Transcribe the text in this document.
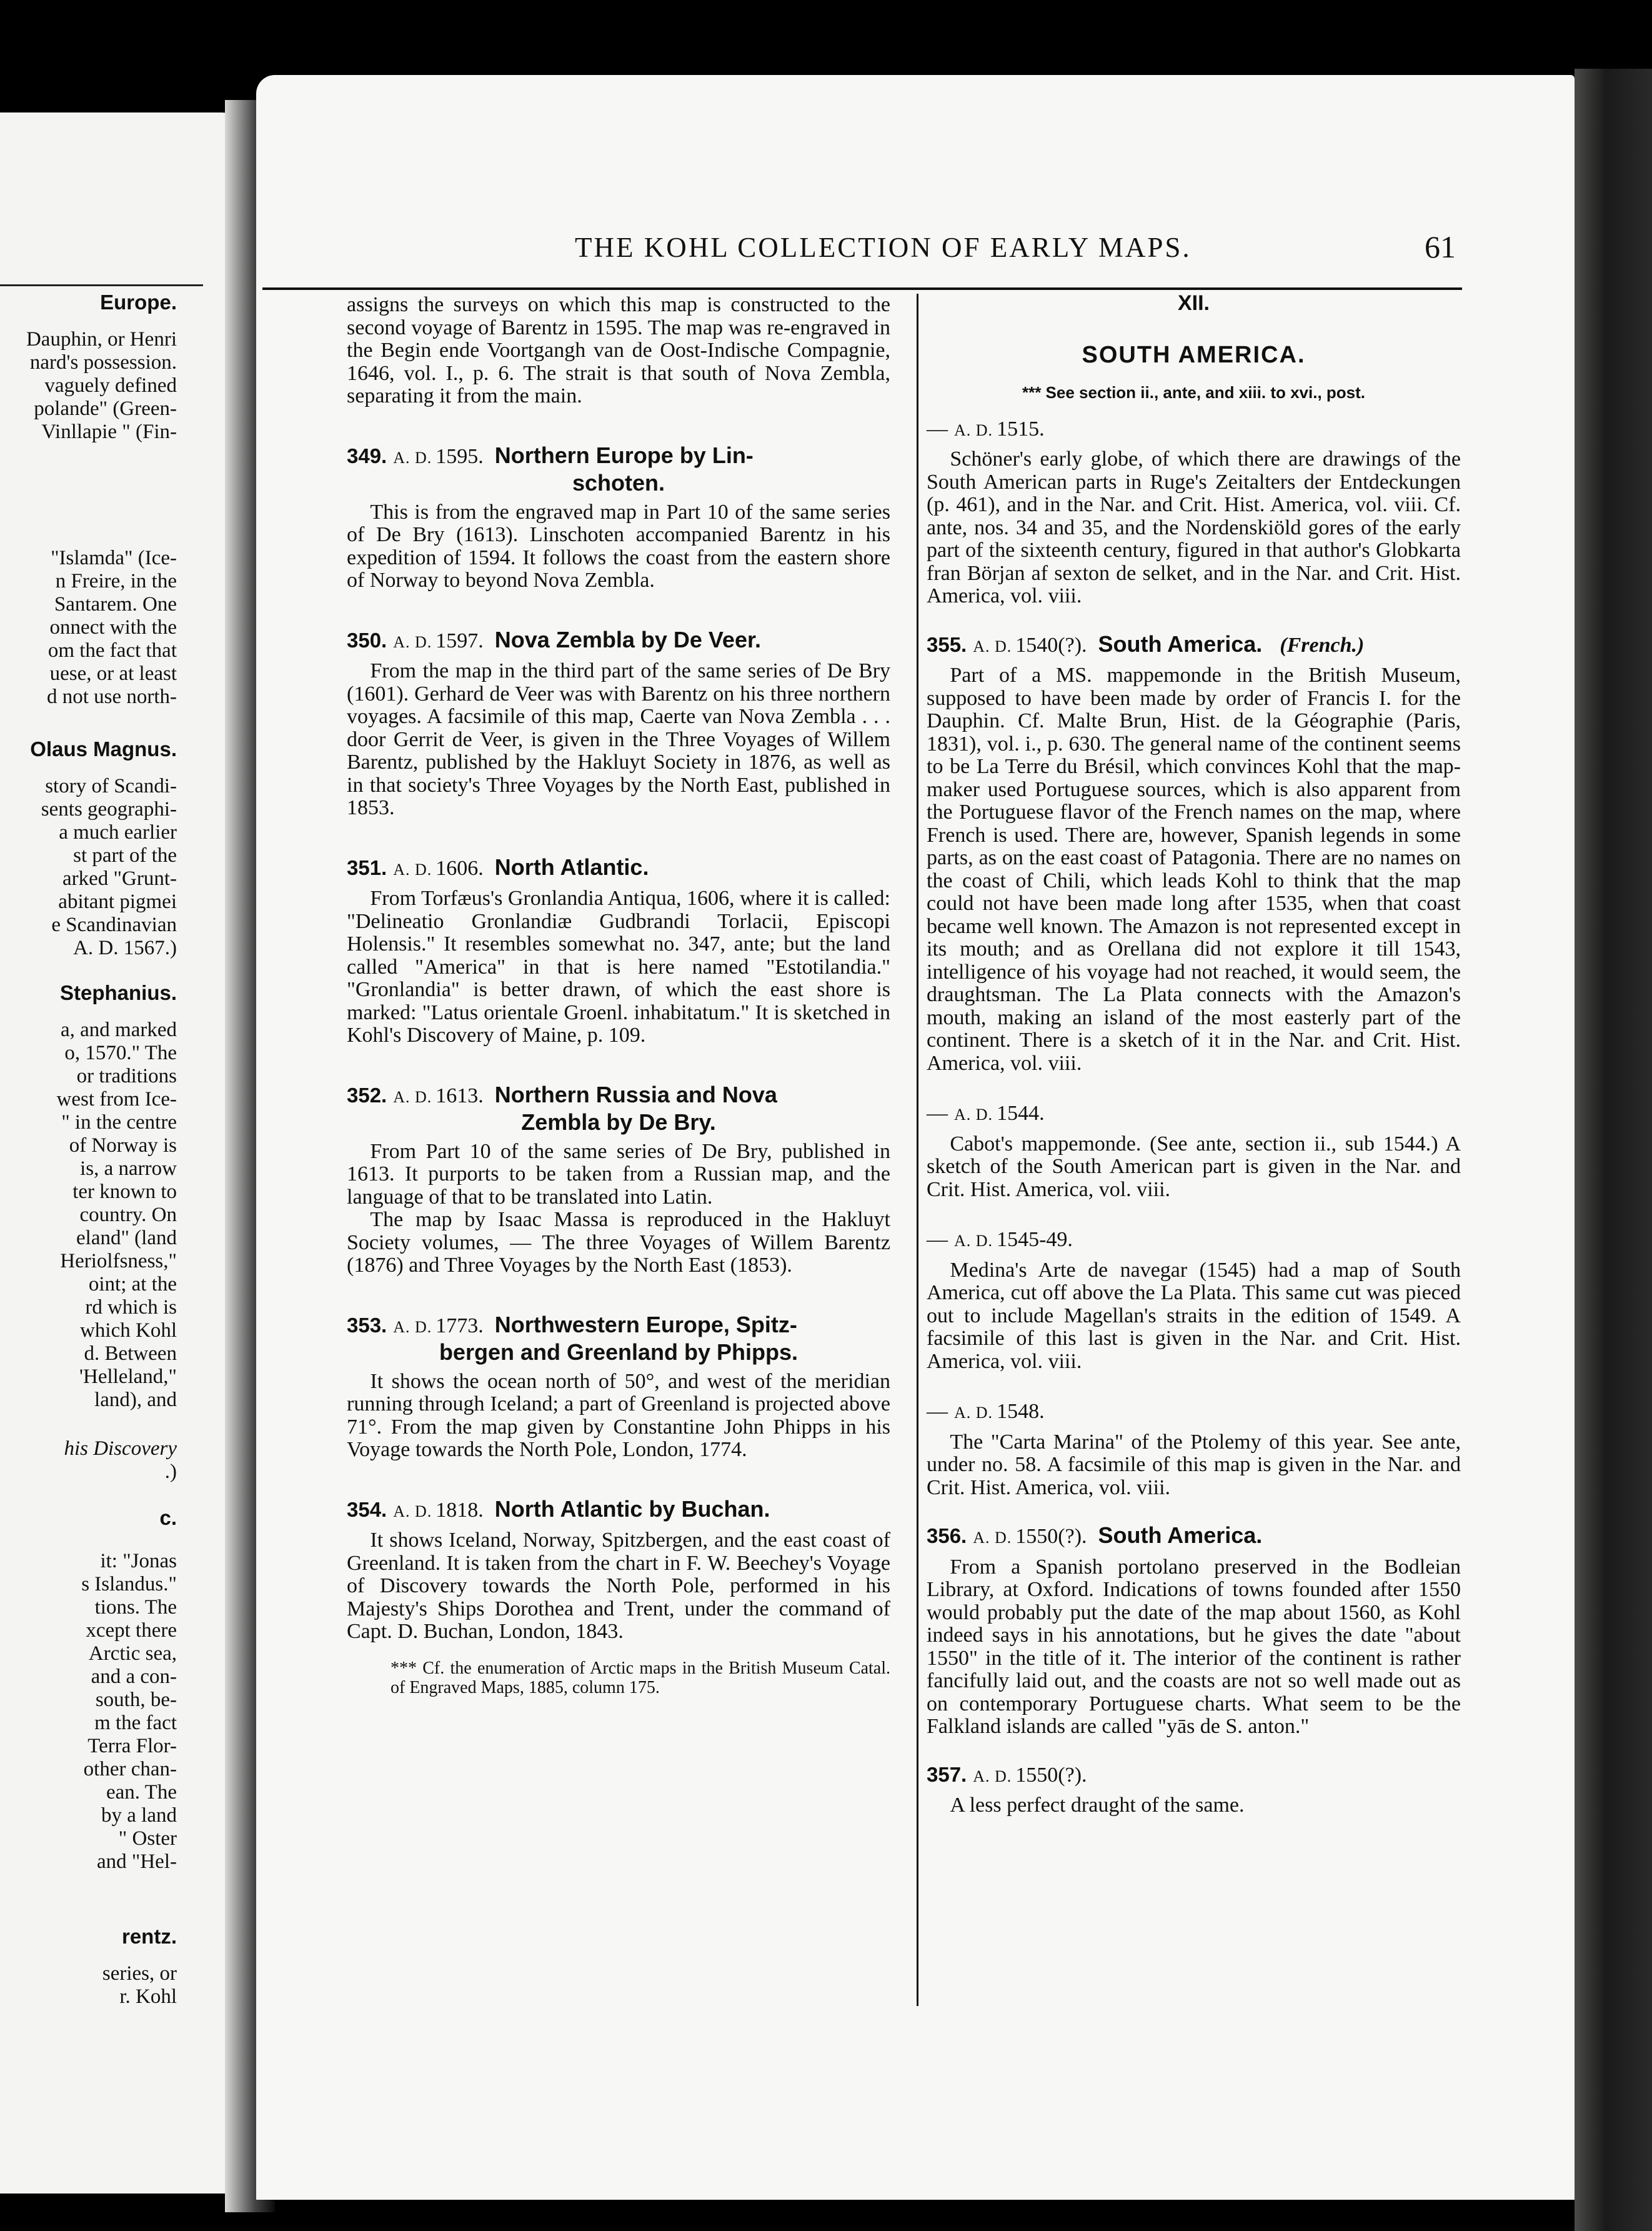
Europe.
Dauphin, or Henri
nard's possession.
vaguely defined
polande" (Green-
Vinllapie " (Fin-
"Islamda" (Ice-
n Freire, in the
Santarem. One
onnect with the
om the fact that
uese, or at least
d not use north-
Olaus Magnus.
story of Scandi-
sents geographi-
a much earlier
st part of the
arked "Grunt-
abitant pigmei
e Scandinavian
A. D. 1567.)
Stephanius.
a, and marked
o, 1570." The
or traditions
west from Ice-
" in the centre
of Norway is
is, a narrow
ter known to
country. On
eland" (land
Heriolfsness,"
oint; at the
rd which is
which Kohl
d. Between
'Helleland,"
land), and
his Discovery
.)
c.
it: "Jonas
s Islandus."
tions. The
xcept there
Arctic sea,
and a con-
south, be-
m the fact
Terra Flor-
other chan-
ean. The
by a land
" Oster
and "Hel-
rentz.
series, or
r. Kohl
THE KOHL COLLECTION OF EARLY MAPS.	61

assigns the surveys on which this map is constructed to the second voyage of Barentz in 1595. The map was re-engraved in the Begin ende Voortgangh van de Oost-Indische Compagnie, 1646, vol. I., p. 6. The strait is that south of Nova Zembla, separating it from the main.

349. A. D. 1595. Northern Europe by Lin-
schoten.

This is from the engraved map in Part 10 of the same series of De Bry (1613). Linschoten accompanied Barentz in his expedition of 1594. It follows the coast from the eastern shore of Norway to beyond Nova Zembla.

350. A. D. 1597. Nova Zembla by De Veer.

From the map in the third part of the same series of De Bry (1601). Gerhard de Veer was with Barentz on his three northern voyages. A facsimile of this map, Caerte van Nova Zembla . . . door Gerrit de Veer, is given in the Three Voyages of Willem Barentz, published by the Hakluyt Society in 1876, as well as in that society's Three Voyages by the North East, published in 1853.

351. A. D. 1606. North Atlantic.

From Torfæus's Gronlandia Antiqua, 1606, where it is called: "Delineatio Gronlandiæ Gudbrandi Torlacii, Episcopi Holensis." It resembles somewhat no. 347, ante; but the land called "America" in that is here named "Estotilandia." "Gronlandia" is better drawn, of which the east shore is marked: "Latus orientale Groenl. inhabitatum." It is sketched in Kohl's Discovery of Maine, p. 109.

352. A. D. 1613. Northern Russia and Nova
Zembla by De Bry.

From Part 10 of the same series of De Bry, published in 1613. It purports to be taken from a Russian map, and the language of that to be translated into Latin.

The map by Isaac Massa is reproduced in the Hakluyt Society volumes, — The three Voyages of Willem Barentz (1876) and Three Voyages by the North East (1853).

353. A. D. 1773. Northwestern Europe, Spitz-
bergen and Greenland by Phipps.

It shows the ocean north of 50°, and west of the meridian running through Iceland; a part of Greenland is projected above 71°. From the map given by Constantine John Phipps in his Voyage towards the North Pole, London, 1774.

354. A. D. 1818. North Atlantic by Buchan.

It shows Iceland, Norway, Spitzbergen, and the east coast of Greenland. It is taken from the chart in F. W. Beechey's Voyage of Discovery towards the North Pole, performed in his Majesty's Ships Dorothea and Trent, under the command of Capt. D. Buchan, London, 1843.

*** Cf. the enumeration of Arctic maps in the British Museum Catal. of Engraved Maps, 1885, column 175.

XII.
SOUTH AMERICA.
*** See section ii., ante, and xiii. to xvi., post.
— A. D. 1515.

Schöner's early globe, of which there are drawings of the South American parts in Ruge's Zeitalters der Entdeckungen (p. 461), and in the Nar. and Crit. Hist. America, vol. viii. Cf. ante, nos. 34 and 35, and the Nordenskiöld gores of the early part of the sixteenth century, figured in that author's Globkarta fran Början af sexton de selket, and in the Nar. and Crit. Hist. America, vol. viii.

355. A. D. 1540(?). South America. (French.)

Part of a MS. mappemonde in the British Museum, supposed to have been made by order of Francis I. for the Dauphin. Cf. Malte Brun, Hist. de la Géographie (Paris, 1831), vol. i., p. 630. The general name of the continent seems to be La Terre du Brésil, which convinces Kohl that the map-maker used Portuguese sources, which is also apparent from the Portuguese flavor of the French names on the map, where French is used. There are, however, Spanish legends in some parts, as on the east coast of Patagonia. There are no names on the coast of Chili, which leads Kohl to think that the map could not have been made long after 1535, when that coast became well known. The Amazon is not represented except in its mouth; and as Orellana did not explore it till 1543, intelligence of his voyage had not reached, it would seem, the draughtsman. The La Plata connects with the Amazon's mouth, making an island of the most easterly part of the continent. There is a sketch of it in the Nar. and Crit. Hist. America, vol. viii.

— A. D. 1544.

Cabot's mappemonde. (See ante, section ii., sub 1544.) A sketch of the South American part is given in the Nar. and Crit. Hist. America, vol. viii.

— A. D. 1545-49.

Medina's Arte de navegar (1545) had a map of South America, cut off above the La Plata. This same cut was pieced out to include Magellan's straits in the edition of 1549. A facsimile of this last is given in the Nar. and Crit. Hist. America, vol. viii.

— A. D. 1548.

The "Carta Marina" of the Ptolemy of this year. See ante, under no. 58. A facsimile of this map is given in the Nar. and Crit. Hist. America, vol. viii.

356. A. D. 1550(?). South America.

From a Spanish portolano preserved in the Bodleian Library, at Oxford. Indications of towns founded after 1550 would probably put the date of the map about 1560, as Kohl indeed says in his annotations, but he gives the date "about 1550" in the title of it. The interior of the continent is rather fancifully laid out, and the coasts are not so well made out as on contemporary Portuguese charts. What seem to be the Falkland islands are called "yās de S. anton."

357. A. D. 1550(?).

A less perfect draught of the same.
